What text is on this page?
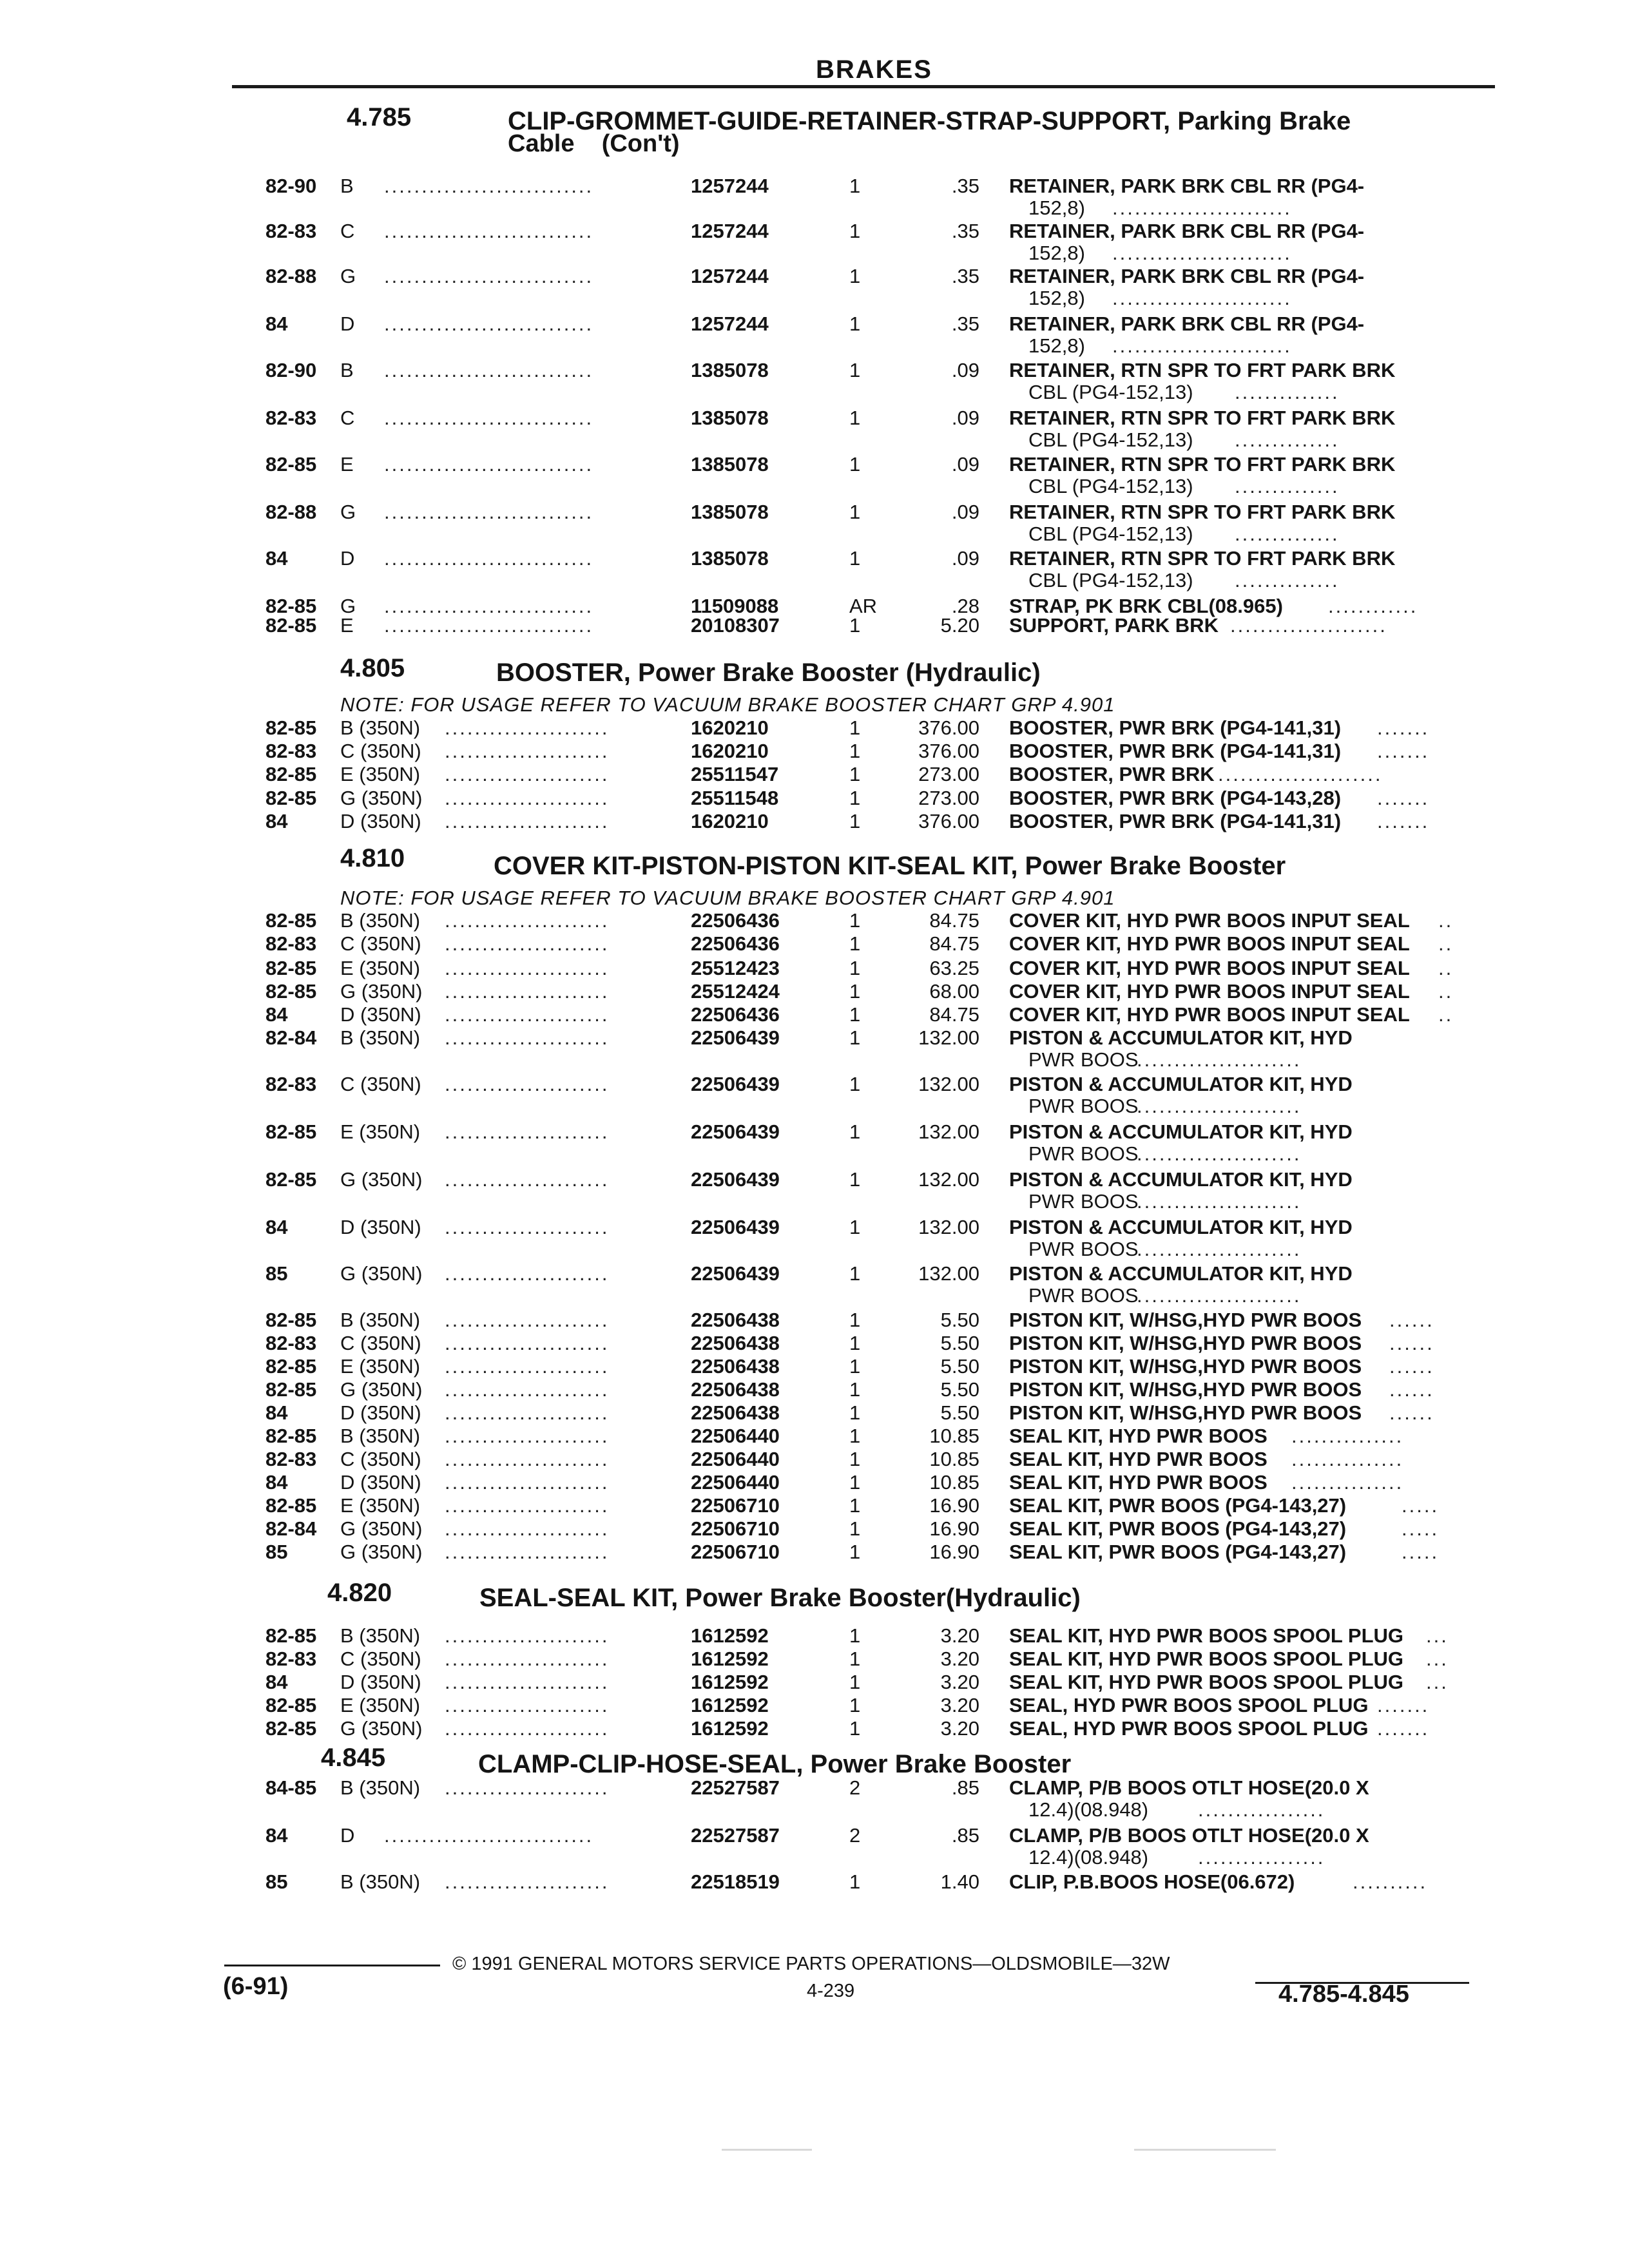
BRAKES
4.785	CLIP-GROMMET-GUIDE-RETAINER-STRAP-SUPPORT, Parking Brake
Cable    (Con't)
82-90 B ............................	1257244	1	.35 RETAINER, PARK BRK CBL RR (PG4-
152,8) ........................
82-83 C ............................	1257244	1	.35 RETAINER, PARK BRK CBL RR (PG4-
152,8) ........................
82-88 G ............................	1257244	1	.35 RETAINER, PARK BRK CBL RR (PG4-
152,8) ........................
84	D ............................	1257244	1	.35 RETAINER, PARK BRK CBL RR (PG4-
152,8) ........................
82-90 B ............................	1385078	1	.09 RETAINER, RTN SPR TO FRT PARK BRK
CBL (PG4-152,13) ..............
82-83 C ............................	1385078	1	.09 RETAINER, RTN SPR TO FRT PARK BRK
CBL (PG4-152,13) ..............
82-85 E ............................	1385078	1	.09 RETAINER, RTN SPR TO FRT PARK BRK
CBL (PG4-152,13) ..............
82-88 G ............................	1385078	1	.09 RETAINER, RTN SPR TO FRT PARK BRK
CBL (PG4-152,13) ..............
84	D ............................	1385078	1	.09 RETAINER, RTN SPR TO FRT PARK BRK
CBL (PG4-152,13) ..............
82-85 G ............................	11509088	AR	.28 STRAP, PK BRK CBL(08.965) ............
82-85 E ............................	20108307	1	5.20 SUPPORT, PARK BRK .....................
4.805	BOOSTER, Power Brake Booster (Hydraulic)
NOTE: FOR USAGE REFER TO VACUUM BRAKE BOOSTER CHART GRP 4.901
82-85 B (350N) ......................	1620210	1	376.00 BOOSTER, PWR BRK (PG4-141,31) .......
82-83 C (350N) ......................	1620210	1	376.00 BOOSTER, PWR BRK (PG4-141,31) .......
82-85 E (350N) ......................	25511547	1	273.00 BOOSTER, PWR BRK ......................
82-85 G (350N) ......................	25511548	1	273.00 BOOSTER, PWR BRK (PG4-143,28) .......
84	D (350N) ......................	1620210	1	376.00 BOOSTER, PWR BRK (PG4-141,31) .......
4.810	COVER KIT-PISTON-PISTON KIT-SEAL KIT, Power Brake Booster
NOTE: FOR USAGE REFER TO VACUUM BRAKE BOOSTER CHART GRP 4.901
82-85 B (350N) ......................	22506436	1	84.75 COVER KIT, HYD PWR BOOS INPUT SEAL ..
82-83 C (350N) ......................	22506436	1	84.75 COVER KIT, HYD PWR BOOS INPUT SEAL ..
82-85 E (350N) ......................	25512423	1	63.25 COVER KIT, HYD PWR BOOS INPUT SEAL ..
82-85 G (350N) ......................	25512424	1	68.00 COVER KIT, HYD PWR BOOS INPUT SEAL ..
84	D (350N) ......................	22506436	1	84.75 COVER KIT, HYD PWR BOOS INPUT SEAL ..
82-84 B (350N) ......................	22506439	1	132.00 PISTON & ACCUMULATOR KIT, HYD
PWR BOOS
......................
82-83 C (350N) ......................	22506439	1	132.00 PISTON & ACCUMULATOR KIT, HYD
PWR BOOS
......................
82-85 E (350N) ......................	22506439	1	132.00 PISTON & ACCUMULATOR KIT, HYD
PWR BOOS
......................
82-85 G (350N) ......................	22506439	1	132.00 PISTON & ACCUMULATOR KIT, HYD
PWR BOOS
......................
84	D (350N) ......................	22506439	1	132.00 PISTON & ACCUMULATOR KIT, HYD
PWR BOOS
......................
85	G (350N) ......................	22506439	1	132.00 PISTON & ACCUMULATOR KIT, HYD
PWR BOOS
......................
82-85 B (350N) ......................	22506438	1	5.50 PISTON KIT, W/HSG,HYD PWR BOOS ......
82-83 C (350N) ......................	22506438	1	5.50 PISTON KIT, W/HSG,HYD PWR BOOS ......
82-85 E (350N) ......................	22506438	1	5.50 PISTON KIT, W/HSG,HYD PWR BOOS ......
82-85 G (350N) ......................	22506438	1	5.50 PISTON KIT, W/HSG,HYD PWR BOOS ......
84	D (350N) ......................	22506438	1	5.50 PISTON KIT, W/HSG,HYD PWR BOOS ......
82-85 B (350N) ......................	22506440	1	10.85 SEAL KIT, HYD PWR BOOS ...............
82-83 C (350N) ......................	22506440	1	10.85 SEAL KIT, HYD PWR BOOS ...............
84	D (350N) ......................	22506440	1	10.85 SEAL KIT, HYD PWR BOOS ...............
82-85 E (350N) ......................	22506710	1	16.90 SEAL KIT, PWR BOOS (PG4-143,27)	.....
82-84 G (350N) ......................	22506710	1	16.90 SEAL KIT, PWR BOOS (PG4-143,27)	.....
85	G (350N) ......................	22506710	1	16.90 SEAL KIT, PWR BOOS (PG4-143,27)	.....
4.820	SEAL-SEAL KIT, Power Brake Booster(Hydraulic)
82-85 B (350N) ......................	1612592	1	3.20 SEAL KIT, HYD PWR BOOS SPOOL PLUG ...
82-83 C (350N) ......................	1612592	1	3.20 SEAL KIT, HYD PWR BOOS SPOOL PLUG ...
84	D (350N) ......................	1612592	1	3.20 SEAL KIT, HYD PWR BOOS SPOOL PLUG ...
82-85 E (350N) ......................	1612592	1	3.20 SEAL, HYD PWR BOOS SPOOL PLUG .......
82-85 G (350N) ......................	1612592	1	3.20 SEAL, HYD PWR BOOS SPOOL PLUG .......
4.845	CLAMP-CLIP-HOSE-SEAL, Power Brake Booster
84-85 B (350N) ......................	22527587	2	.85 CLAMP, P/B BOOS OTLT HOSE(20.0 X
12.4)(08.948) .................
84	D ............................	22527587	2	.85 CLAMP, P/B BOOS OTLT HOSE(20.0 X
12.4)(08.948) .................
85	B (350N) ......................	22518519	1	1.40 CLIP, P.B.BOOS HOSE(06.672)	..........
© 1991 GENERAL MOTORS SERVICE PARTS OPERATIONS—OLDSMOBILE—32W
4-239
(6-91)	4.785-4.845
